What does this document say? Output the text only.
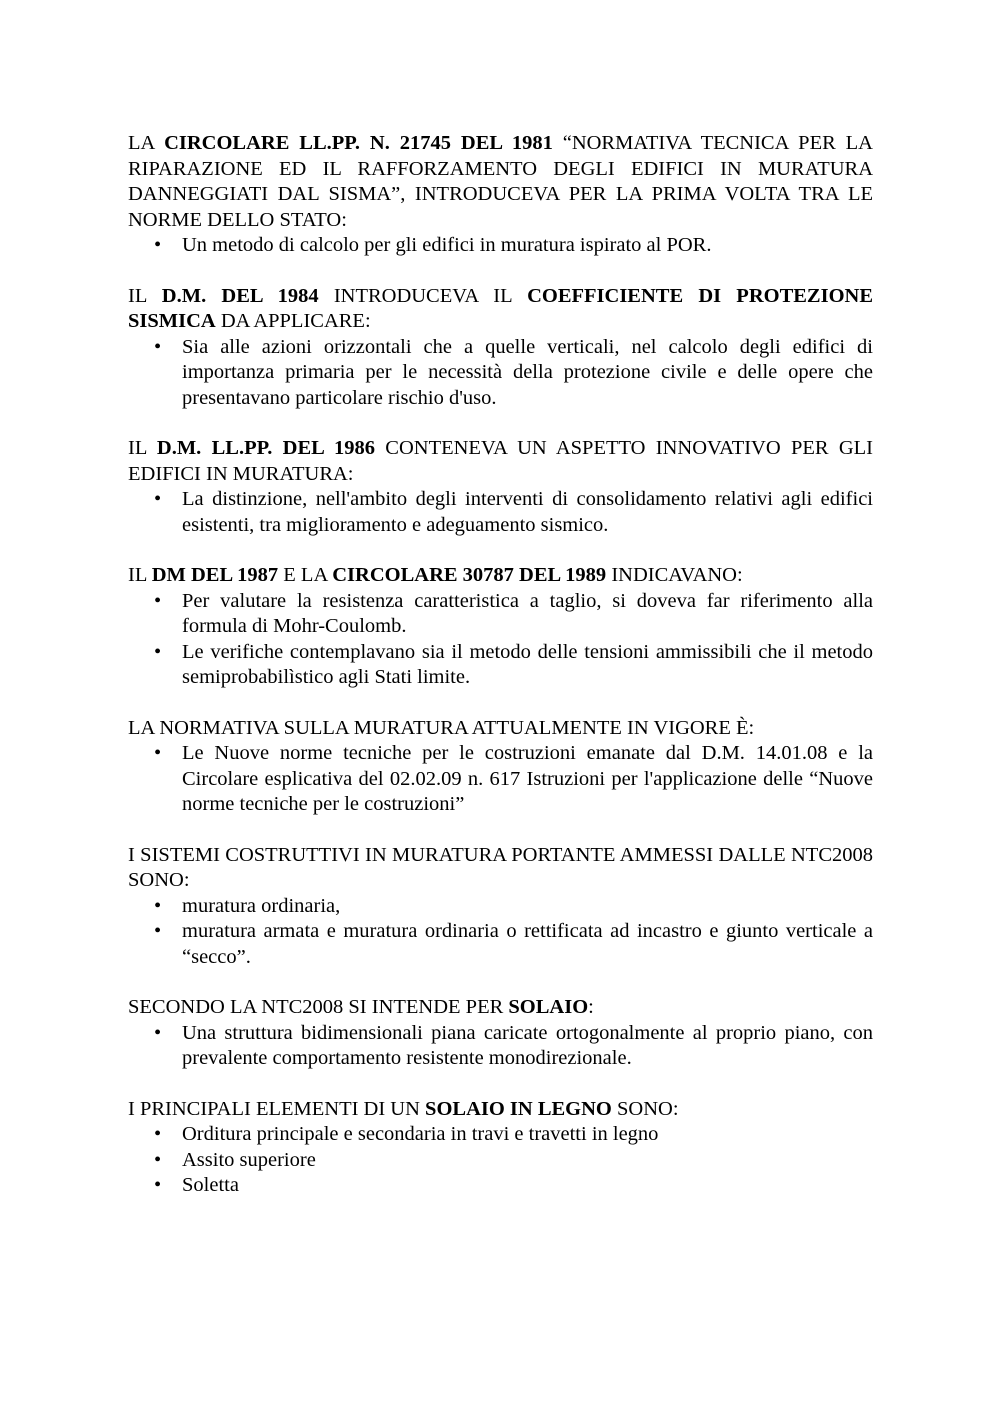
LA CIRCOLARE LL.PP. N. 21745 DEL 1981 “NORMATIVA TECNICA PER LA RIPARAZIONE ED IL RAFFORZAMENTO DEGLI EDIFICI IN MURATURA DANNEGGIATI DAL SISMA”, INTRODUCEVA PER LA PRIMA VOLTA TRA LE NORME DELLO STATO:

• Un metodo di calcolo per gli edifici in muratura ispirato al POR.

IL D.M. DEL 1984 INTRODUCEVA IL COEFFICIENTE DI PROTEZIONE SISMICA DA APPLICARE:

• Sia alle azioni orizzontali che a quelle verticali, nel calcolo degli edifici di importanza primaria per le necessità della protezione civile e delle opere che presentavano particolare rischio d'uso.

IL D.M. LL.PP. DEL 1986 CONTENEVA UN ASPETTO INNOVATIVO PER GLI EDIFICI IN MURATURA:

• La distinzione, nell'ambito degli interventi di consolidamento relativi agli edifici esistenti, tra miglioramento e adeguamento sismico.

IL DM DEL 1987 E LA CIRCOLARE 30787 DEL 1989 INDICAVANO:

• Per valutare la resistenza caratteristica a taglio, si doveva far riferimento alla formula di Mohr-Coulomb.
• Le verifiche contemplavano sia il metodo delle tensioni ammissibili che il metodo semiprobabilìstico agli Stati limite.

LA NORMATIVA SULLA MURATURA ATTUALMENTE IN VIGORE È:

• Le Nuove norme tecniche per le costruzioni emanate dal D.M. 14.01.08 e la Circolare esplicativa del 02.02.09 n. 617 Istruzioni per l'applicazione delle “Nuove norme tecniche per le costruzioni”

I SISTEMI COSTRUTTIVI IN MURATURA PORTANTE AMMESSI DALLE NTC2008 SONO:

• muratura ordinaria,
• muratura armata e muratura ordinaria o rettificata ad incastro e giunto verticale a “secco”.

SECONDO LA NTC2008 SI INTENDE PER SOLAIO:

• Una struttura bidimensionali piana caricate ortogonalmente al proprio piano, con prevalente comportamento resistente monodirezionale.

I PRINCIPALI ELEMENTI DI UN SOLAIO IN LEGNO SONO:

• Orditura principale e secondaria in travi e travetti in legno
• Assito superiore
• Soletta
